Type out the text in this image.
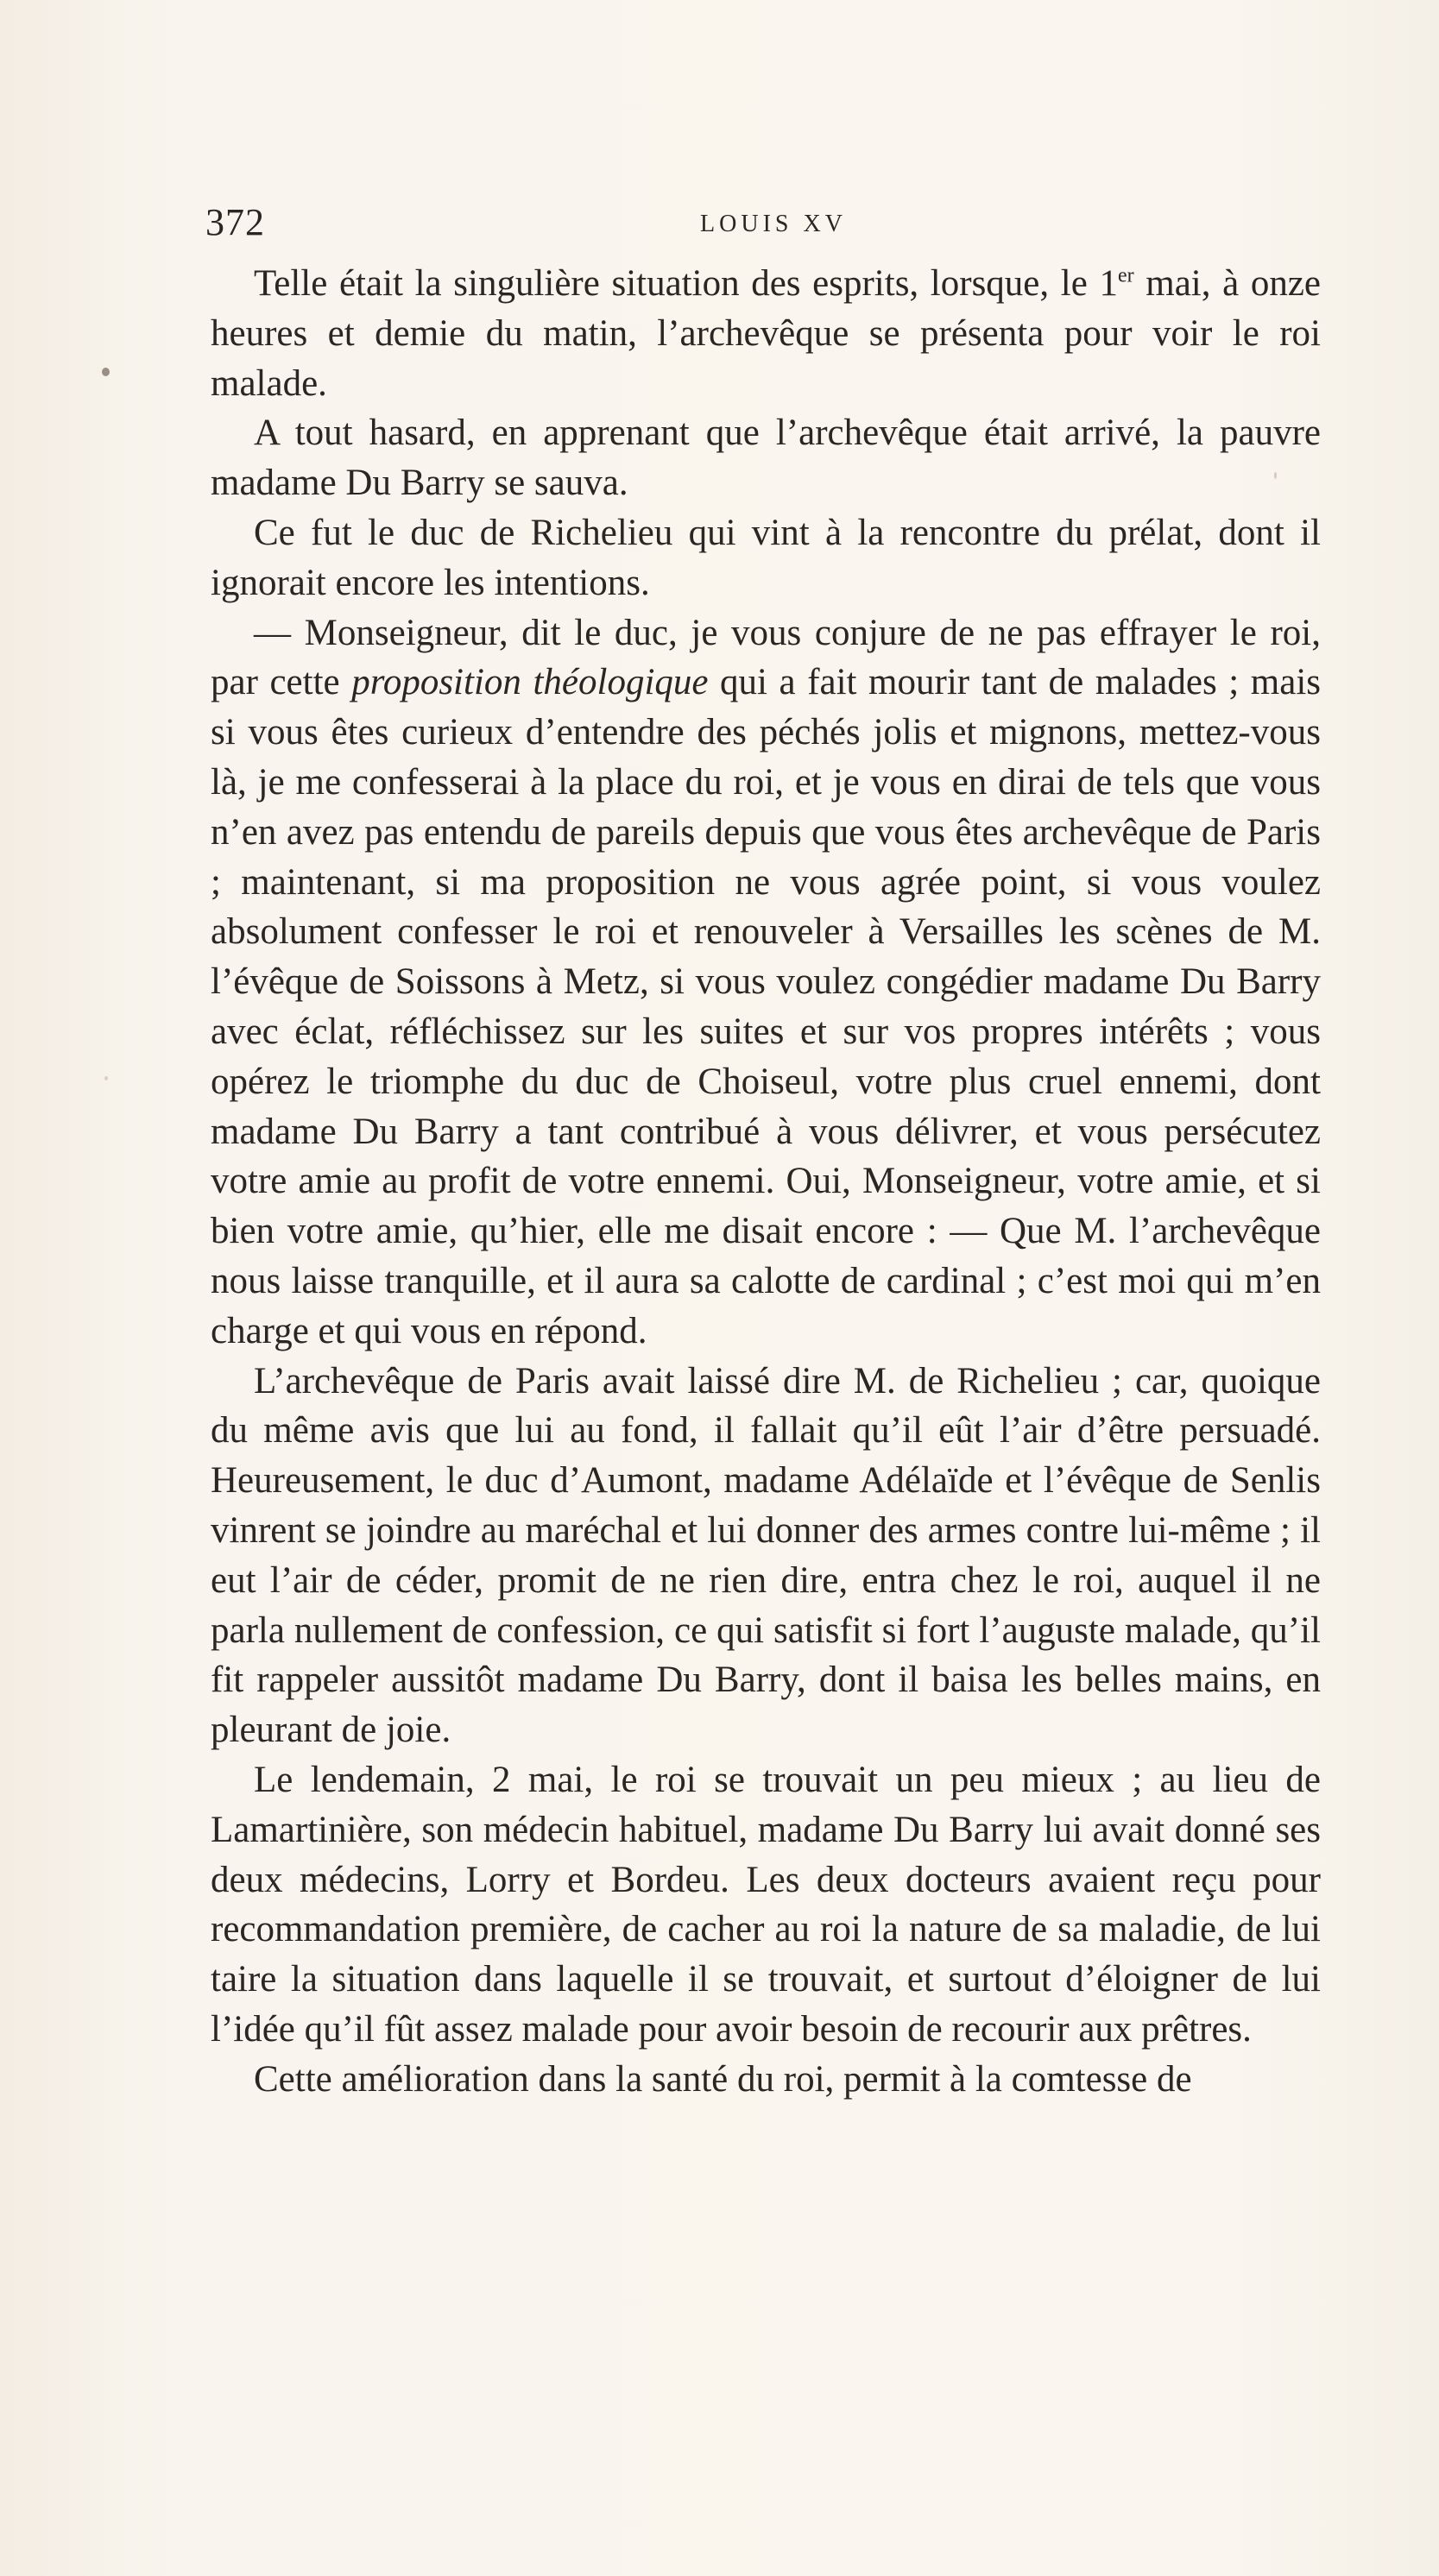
372	LOUIS XV

Telle était la singulière situation des esprits, lorsque, le 1er mai, à onze heures et demie du matin, l’archevêque se présenta pour voir le roi malade.

A tout hasard, en apprenant que l’archevêque était arrivé, la pauvre madame Du Barry se sauva.

Ce fut le duc de Richelieu qui vint à la rencontre du prélat, dont il ignorait encore les intentions.

— Monseigneur, dit le duc, je vous conjure de ne pas effrayer le roi, par cette proposition théologique qui a fait mourir tant de malades ; mais si vous êtes curieux d’entendre des péchés jolis et mignons, mettez-vous là, je me confesserai à la place du roi, et je vous en dirai de tels que vous n’en avez pas entendu de pareils depuis que vous êtes archevêque de Paris ; maintenant, si ma proposition ne vous agrée point, si vous voulez absolument confesser le roi et renouveler à Versailles les scènes de M. l’évêque de Soissons à Metz, si vous voulez congédier madame Du Barry avec éclat, réfléchissez sur les suites et sur vos propres intérêts ; vous opérez le triomphe du duc de Choiseul, votre plus cruel ennemi, dont madame Du Barry a tant contribué à vous délivrer, et vous persécutez votre amie au profit de votre ennemi. Oui, Monseigneur, votre amie, et si bien votre amie, qu’hier, elle me disait encore : — Que M. l’archevêque nous laisse tranquille, et il aura sa calotte de cardinal ; c’est moi qui m’en charge et qui vous en répond.

L’archevêque de Paris avait laissé dire M. de Richelieu ; car, quoique du même avis que lui au fond, il fallait qu’il eût l’air d’être persuadé. Heureusement, le duc d’Aumont, madame Adélaïde et l’évêque de Senlis vinrent se joindre au maréchal et lui donner des armes contre lui-même ; il eut l’air de céder, promit de ne rien dire, entra chez le roi, auquel il ne parla nullement de confession, ce qui satisfit si fort l’auguste malade, qu’il fit rappeler aussitôt madame Du Barry, dont il baisa les belles mains, en pleurant de joie.

Le lendemain, 2 mai, le roi se trouvait un peu mieux ; au lieu de Lamartinière, son médecin habituel, madame Du Barry lui avait donné ses deux médecins, Lorry et Bordeu. Les deux docteurs avaient reçu pour recommandation première, de cacher au roi la nature de sa maladie, de lui taire la situation dans laquelle il se trouvait, et surtout d’éloigner de lui l’idée qu’il fût assez malade pour avoir besoin de recourir aux prêtres.

Cette amélioration dans la santé du roi, permit à la comtesse de
